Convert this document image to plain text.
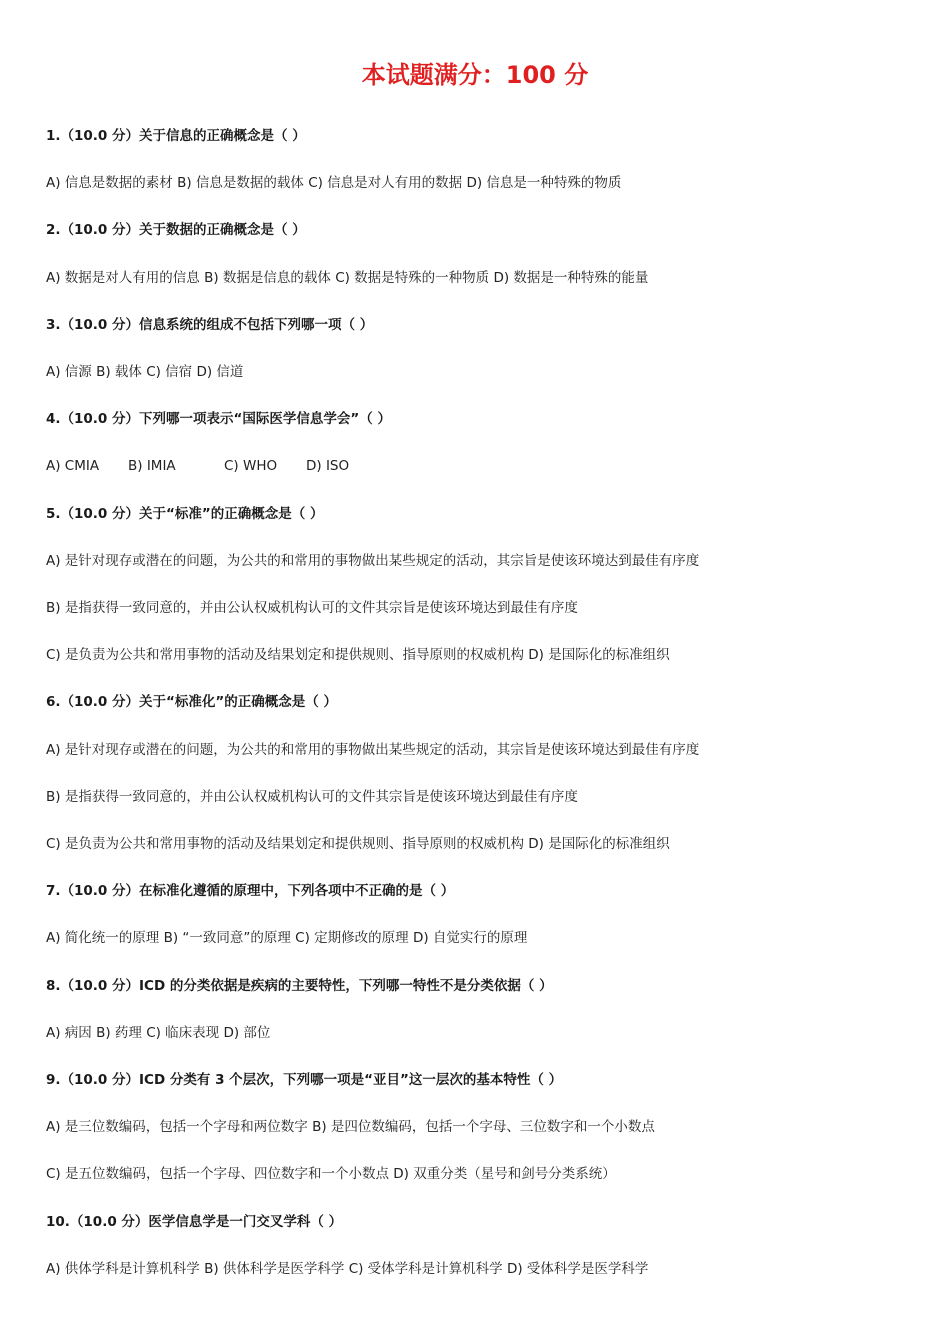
本试题满分：100 分
1.（10.0 分）关于信息的正确概念是（ ）
A) 信息是数据的素材 B) 信息是数据的载体 C) 信息是对人有用的数据 D) 信息是一种特殊的物质
2.（10.0 分）关于数据的正确概念是（ ）
A) 数据是对人有用的信息 B) 数据是信息的载体 C) 数据是特殊的一种物质 D) 数据是一种特殊的能量
3.（10.0 分）信息系统的组成不包括下列哪一项（ ）
A) 信源 B) 载体 C) 信宿 D) 信道
4.（10.0 分）下列哪一项表示“国际医学信息学会”（ ）
A) CMIA B) IMIA	C) WHO D) ISO
5.（10.0 分）关于“标准”的正确概念是（ ）
A) 是针对现存或潜在的问题，为公共的和常用的事物做出某些规定的活动，其宗旨是使该环境达到最佳有序度
B) 是指获得一致同意的，并由公认权威机构认可的文件其宗旨是使该环境达到最佳有序度
C) 是负责为公共和常用事物的活动及结果划定和提供规则、指导原则的权威机构 D) 是国际化的标准组织
6.（10.0 分）关于“标准化”的正确概念是（ ）
A) 是针对现存或潜在的问题，为公共的和常用的事物做出某些规定的活动，其宗旨是使该环境达到最佳有序度
B) 是指获得一致同意的，并由公认权威机构认可的文件其宗旨是使该环境达到最佳有序度
C) 是负责为公共和常用事物的活动及结果划定和提供规则、指导原则的权威机构 D) 是国际化的标准组织
7.（10.0 分）在标准化遵循的原理中，下列各项中不正确的是（ ）
A) 简化统一的原理 B) “一致同意”的原理 C) 定期修改的原理 D) 自觉实行的原理
8.（10.0 分）ICD 的分类依据是疾病的主要特性，下列哪一特性不是分类依据（ ）
A) 病因 B) 药理 C) 临床表现 D) 部位
9.（10.0 分）ICD 分类有 3 个层次，下列哪一项是“亚目”这一层次的基本特性（ ）
A) 是三位数编码，包括一个字母和两位数字 B) 是四位数编码，包括一个字母、三位数字和一个小数点
C) 是五位数编码，包括一个字母、四位数字和一个小数点 D) 双重分类（星号和剑号分类系统）
10.（10.0 分）医学信息学是一门交叉学科（ ）
A) 供体学科是计算机科学 B) 供体科学是医学科学 C) 受体学科是计算机科学 D) 受体科学是医学科学
